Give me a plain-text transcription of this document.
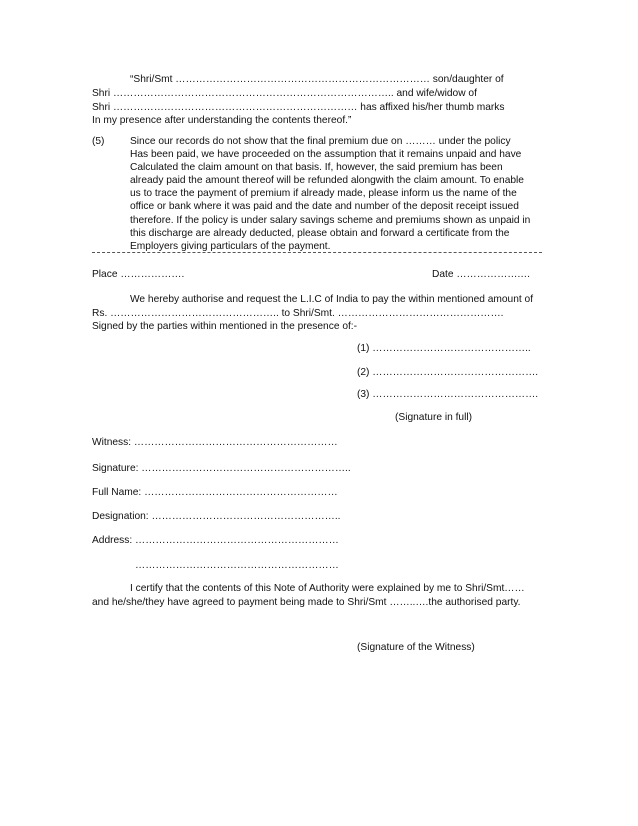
“Shri/Smt ………………………………………………………………… son/daughter of
Shri ……………………………………………………………………….. and wife/widow of
Shri ……………………………………………………………… has affixed his/her thumb marks
In my presence after understanding the contents thereof.”
(5)	Since our records do not show that the final premium due on ……… under the policy
Has been paid, we have proceeded on the assumption that it remains unpaid and have
Calculated the claim amount on that basis. If, however, the said premium has been
already paid the amount thereof will be refunded alongwith the claim amount. To enable
us to trace the payment of premium if already made, please inform us the name of the
office or bank where it was paid and the date and number of the deposit receipt issued
therefore. If the policy is under salary savings scheme and premiums shown as unpaid in
this discharge are already deducted, please obtain and forward a certificate from the
Employers giving particulars of the payment.
Place ……………….	Date ……………….…
We hereby authorise and request the L.I.C of India to pay the within mentioned amount of
Rs. ………………………………………….. to Shri/Smt. ………………………………………….
Signed by the parties within mentioned in the presence of:-
(1) ………………………………………..
(2) ………………………………………….
(3) ………………………………………….
(Signature in full)
Witness: ……………………………………………………
Signature: ……………………………………………………..
Full Name: …………………………………………………
Designation: ………………………………………………..
Address: ……………………………………………………
……………………………………………………
I certify that the contents of this Note of Authority were explained by me to Shri/Smt……
and he/she/they have agreed to payment being made to Shri/Smt ……..….the authorised party.
(Signature of the Witness)
